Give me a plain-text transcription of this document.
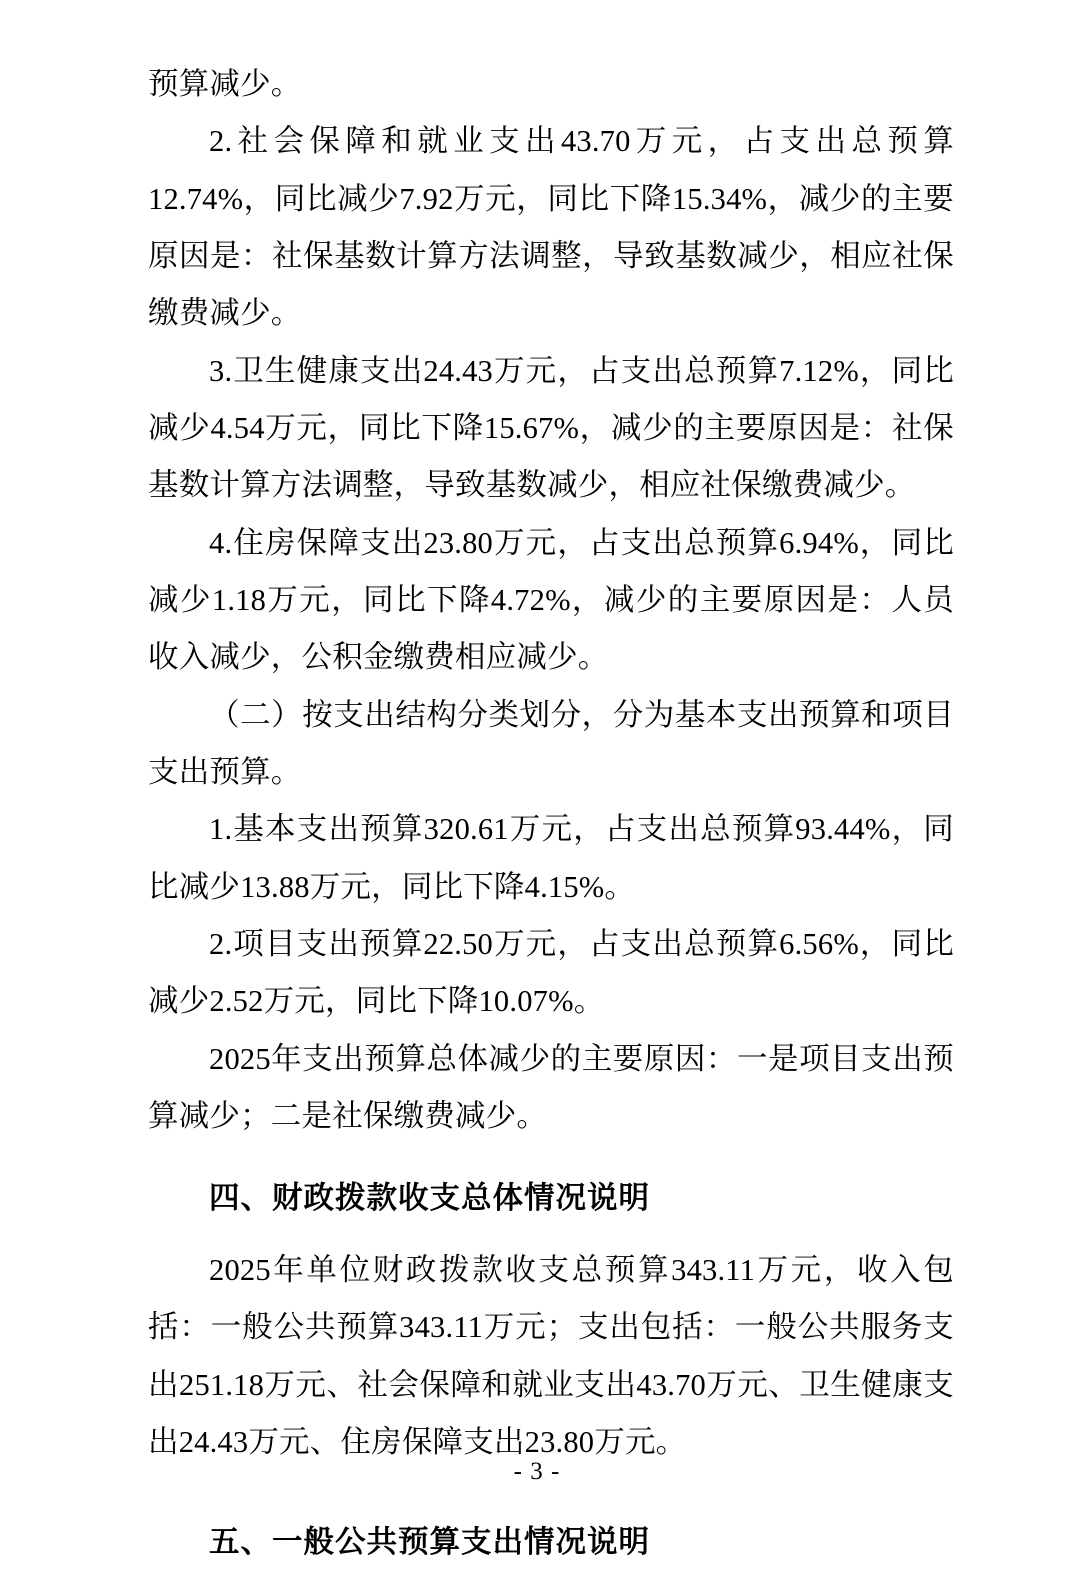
预算减少。

2.社会保障和就业支出43.70万元，占支出总预算12.74%，同比减少7.92万元，同比下降15.34%，减少的主要原因是：社保基数计算方法调整，导致基数减少，相应社保缴费减少。

3.卫生健康支出24.43万元，占支出总预算7.12%，同比减少4.54万元，同比下降15.67%，减少的主要原因是：社保基数计算方法调整，导致基数减少，相应社保缴费减少。

4.住房保障支出23.80万元，占支出总预算6.94%，同比减少1.18万元，同比下降4.72%，减少的主要原因是：人员收入减少，公积金缴费相应减少。

（二）按支出结构分类划分，分为基本支出预算和项目支出预算。

1.基本支出预算320.61万元，占支出总预算93.44%，同比减少13.88万元，同比下降4.15%。

2.项目支出预算22.50万元，占支出总预算6.56%，同比减少2.52万元，同比下降10.07%。

2025年支出预算总体减少的主要原因：一是项目支出预算减少；二是社保缴费减少。

四、财政拨款收支总体情况说明

2025年单位财政拨款收支总预算343.11万元，收入包括：一般公共预算343.11万元；支出包括：一般公共服务支出251.18万元、社会保障和就业支出43.70万元、卫生健康支出24.43万元、住房保障支出23.80万元。

五、一般公共预算支出情况说明
- 3 -
